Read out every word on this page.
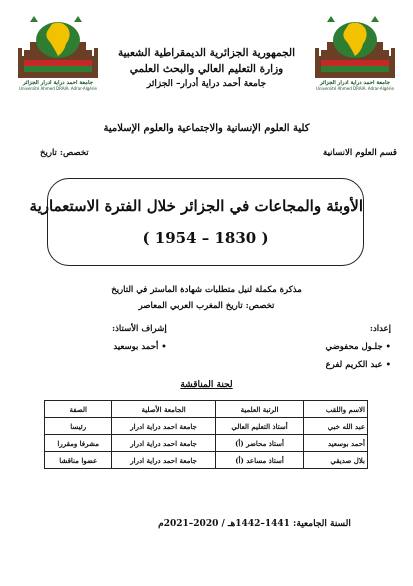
جامعة أحمد دراية أدرار الجزائر
Université Ahmed DRAIA. Adrar-Algérie
جامعة أحمد دراية أدرار الجزائر
Université Ahmed DRAIA. Adrar-Algérie
الجمهورية الجزائرية الديمقراطية الشعبية
وزارة التعليم العالي والبحث العلمي
جامعة أحمد دراية أدرار– الجزائر
كلية العلوم الإنسانية والاجتماعية والعلوم الإسلامية
قسم العلوم الانسانية
تخصص: تاريخ
الأوبئة والمجاعات في الجزائر خلال الفترة الاستعمارية
( 1830 – 1954 )
مذكرة مكملة لنيل متطلبات شهادة الماستر في التاريخ
تخصص: تاريخ المغرب العربي المعاصر
إعداد:
• جلـول محفوضي
• عبد الكريم لفرع
إشراف الأستاذ:
• أحمد بوسعيد
لجنة المناقشة
الاسم واللقب	الرتبة العلمية	الجامعة الأصلية	الصفة
عبد الله خبي	أستاذ التعليم العالي	جامعة احمد دراية ادرار	رئيسا
أحمد بوسعيد	أستاذ محاضر (أ)	جامعة احمد دراية ادرار	مشرفا ومقررا
بلال صديقي	أستاذ مساعد (أ)	جامعة احمد دراية ادرار	عضوا مناقشا
السنة الجامعية: 1441–1442هـ / 2020–2021م
